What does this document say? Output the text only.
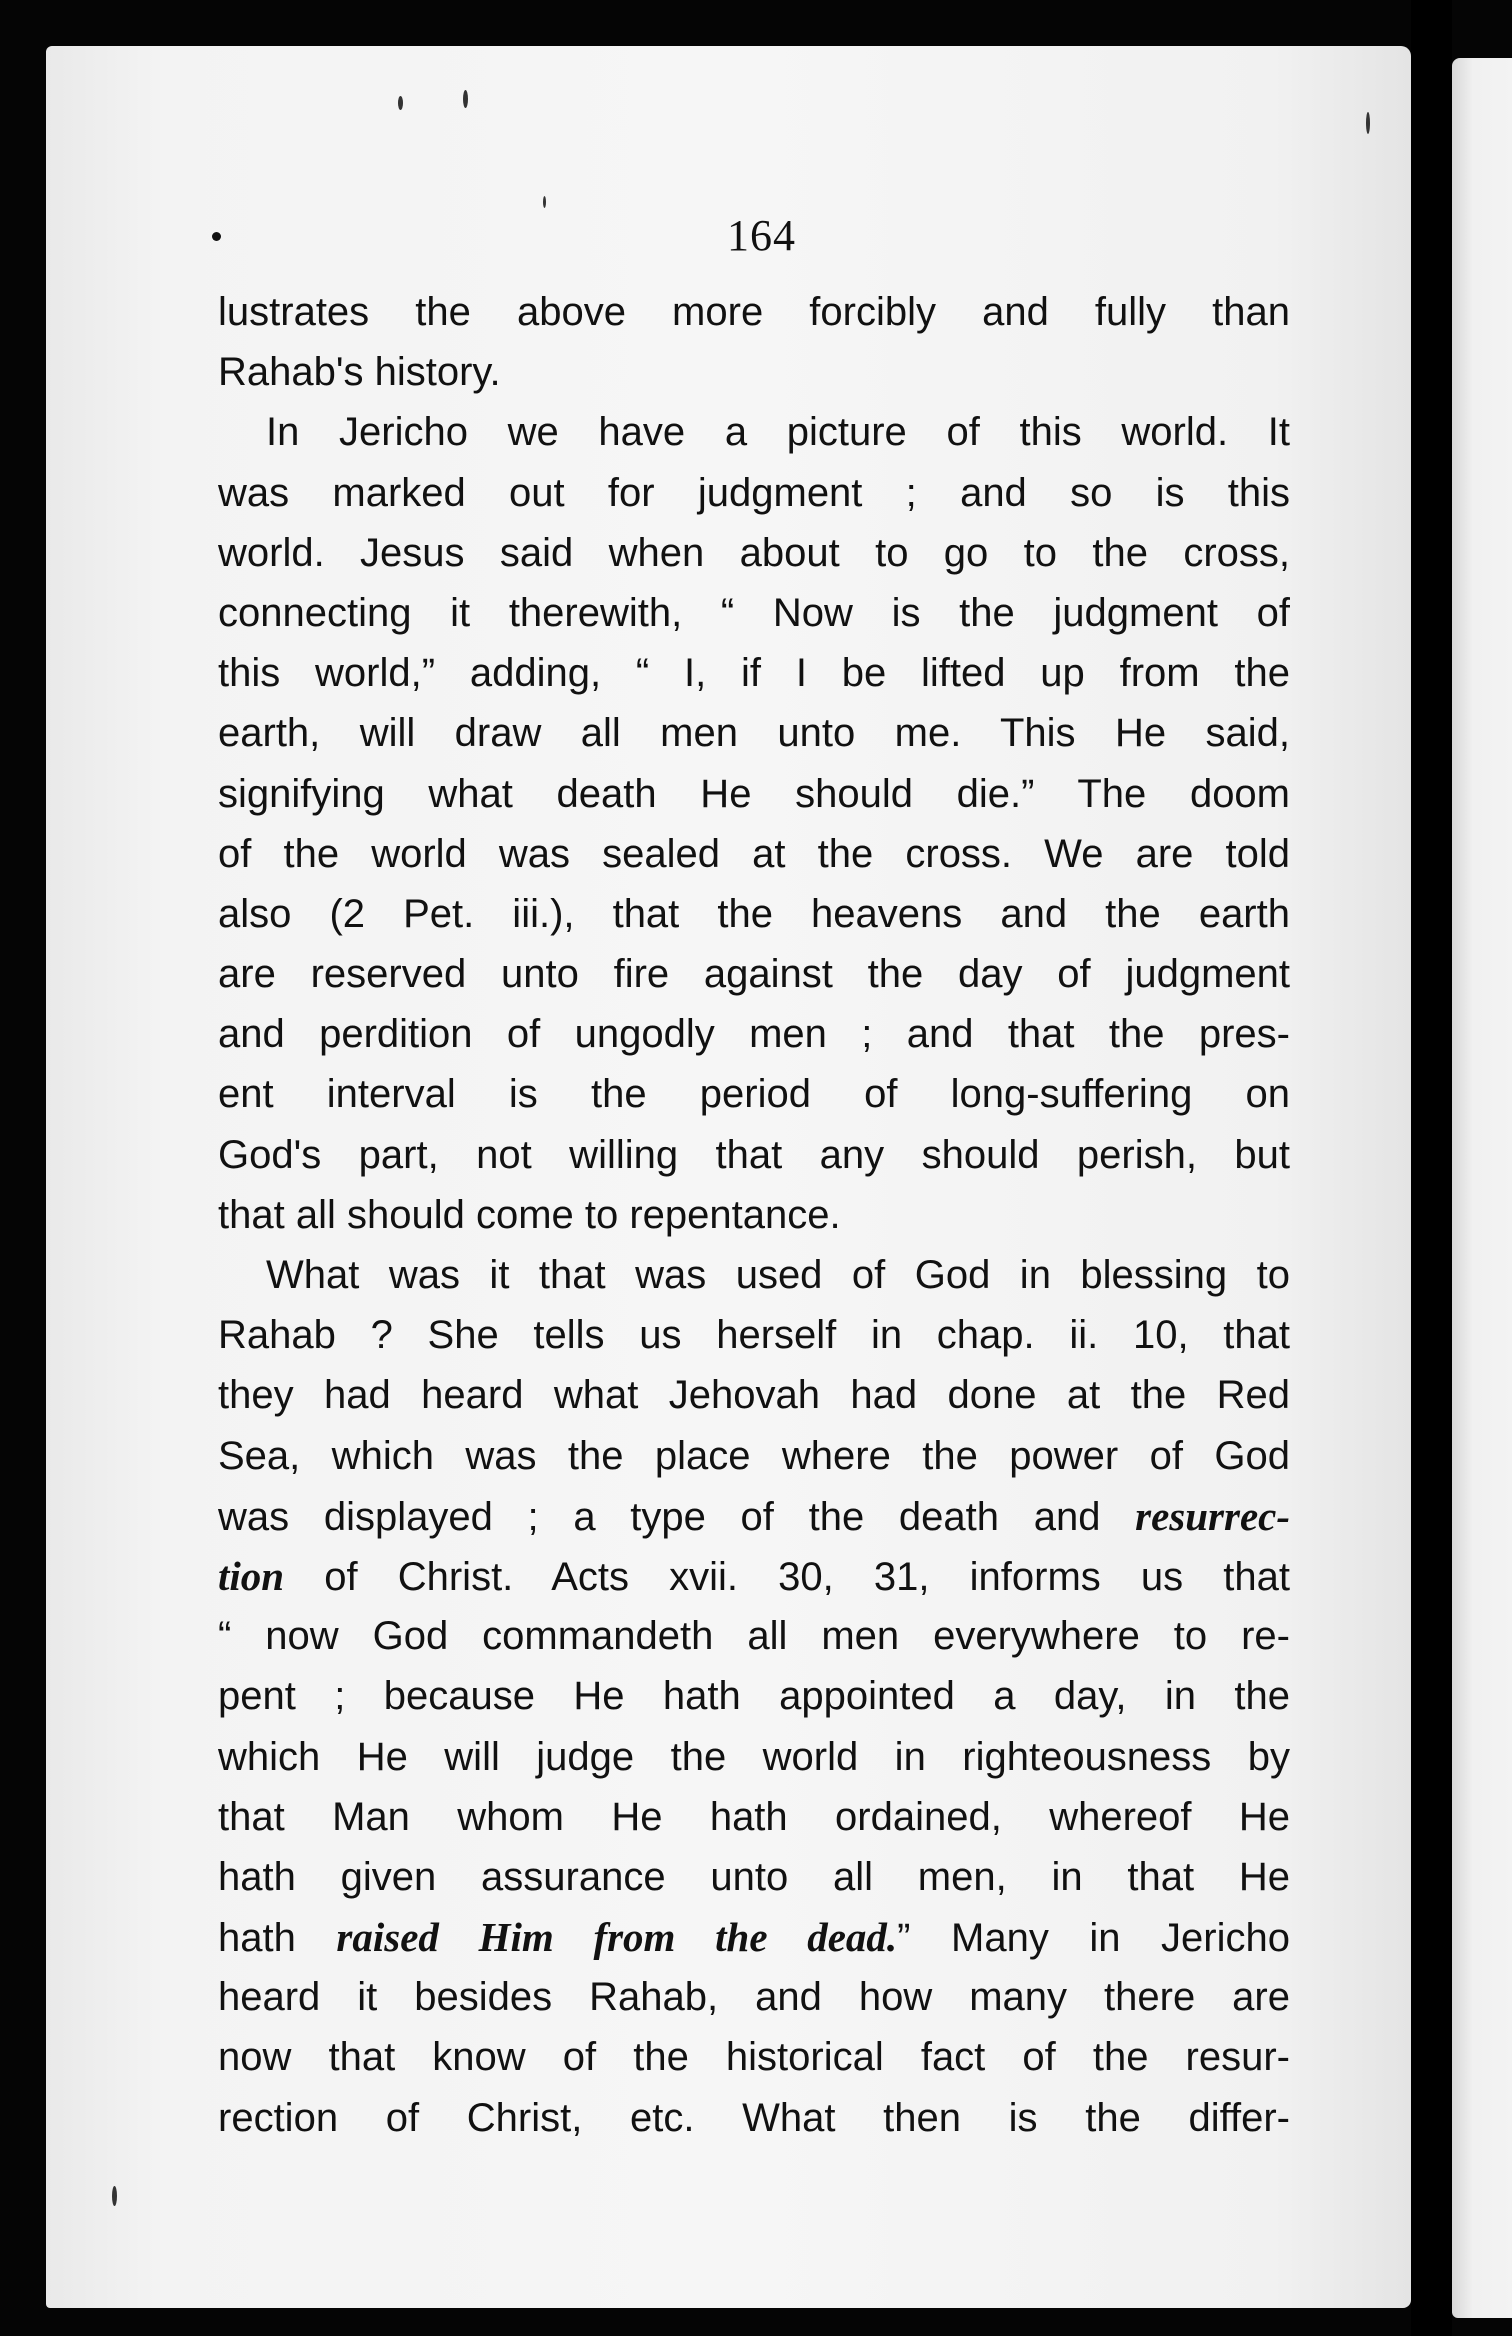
164
lustrates the above more forcibly and fully than
Rahab's history.
In Jericho we have a picture of this world. It
was marked out for judgment ; and so is this
world. Jesus said when about to go to the cross,
connecting it therewith, “ Now is the judgment of
this world,” adding, “ I, if I be lifted up from the
earth, will draw all men unto me. This He said,
signifying what death He should die.” The doom
of the world was sealed at the cross. We are told
also (2 Pet. iii.), that the heavens and the earth
are reserved unto fire against the day of judgment
and perdition of ungodly men ; and that the pres-
ent interval is the period of long-suffering on
God's part, not willing that any should perish, but
that all should come to repentance.
What was it that was used of God in blessing to
Rahab ? She tells us herself in chap. ii. 10, that
they had heard what Jehovah had done at the Red
Sea, which was the place where the power of God
was displayed ; a type of the death and resurrec-
tion of Christ. Acts xvii. 30, 31, informs us that
“ now God commandeth all men everywhere to re-
pent ; because He hath appointed a day, in the
which He will judge the world in righteousness by
that Man whom He hath ordained, whereof He
hath given assurance unto all men, in that He
hath raised Him from the dead.” Many in Jericho
heard it besides Rahab, and how many there are
now that know of the historical fact of the resur-
rection of Christ, etc. What then is the differ-
